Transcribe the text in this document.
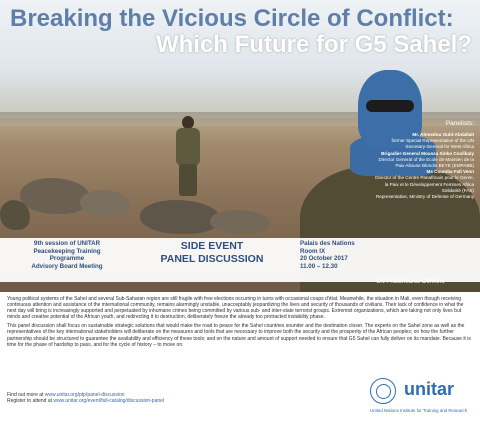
Breaking the Vicious Circle of Conflict:
Which Future for G5 Sahel?
Panelists:
Mr. Ahmedou Ould-Abdallah
former Special Representative of the UN
Secretary-General for West Africa
Brigadier-General Moussa Sinko Coulibaly
Director General of the Ecole de Maintien de la
Paix Alioune Blondin BEYE (EMPABB)
Ms Coumba Fall Venn
Director of the Centre Panafricain pour le Genre,
la Paix et le Développement Femmes Africa
Solidarité (FAS)
Representative, Ministry of Defense of Germany
9th session of UNITAR
Peacekeeping Training
Programme
Advisory Board Meeting
SIDE EVENT
PANEL DISCUSSION
Palais des Nations
Room IX
20 October 2017
11.00 – 12.30
UN Photo/Marco Dormino

Young political systems of the Sahel and several Sub-Saharan region are still fragile with free elections occurring in turns with occasional coups d'état. Meanwhile, the situation in Mali, even though receiving continuous attention and assistance of the international community, remains alarmingly unstable, unacceptably jeopardizing the lives and security of thousands of civilians. Their lack of confidence in what the next day will bring is increasingly supported and perpetuated by inhumane crimes being committed by various sub- and inter-state terrorist groups. Extremist organizations, which are taking not only lives but minds and creative potential of the African youth, and redirecting it to destruction, deliberately freeze the already too protracted instability phase.

This panel discussion shall focus on sustainable strategic solutions that would make the road to peace for the Sahel countries sounder and the destination closer. The experts on the Sahel zone as well as the representatives of the key international stakeholders will deliberate on the measures and tools that are necessary to improve both the security and the prosperity of the African peoples; on how the further partnership should be structured to guarantee the availability and efficiency of these tools; and on the nature and amount of support needed to ensure that G5 Sahel can fully deliver on its mandate. Because it is time for the phase of hardship to pass, and for the cycle of history – to move on.

Find out more at www.unitar.org/ptp/panel-discussion
Register to attend at www.unitar.org/event/full-catalog/discussion-panel
unitar
United Nations Institute for Training and Research
